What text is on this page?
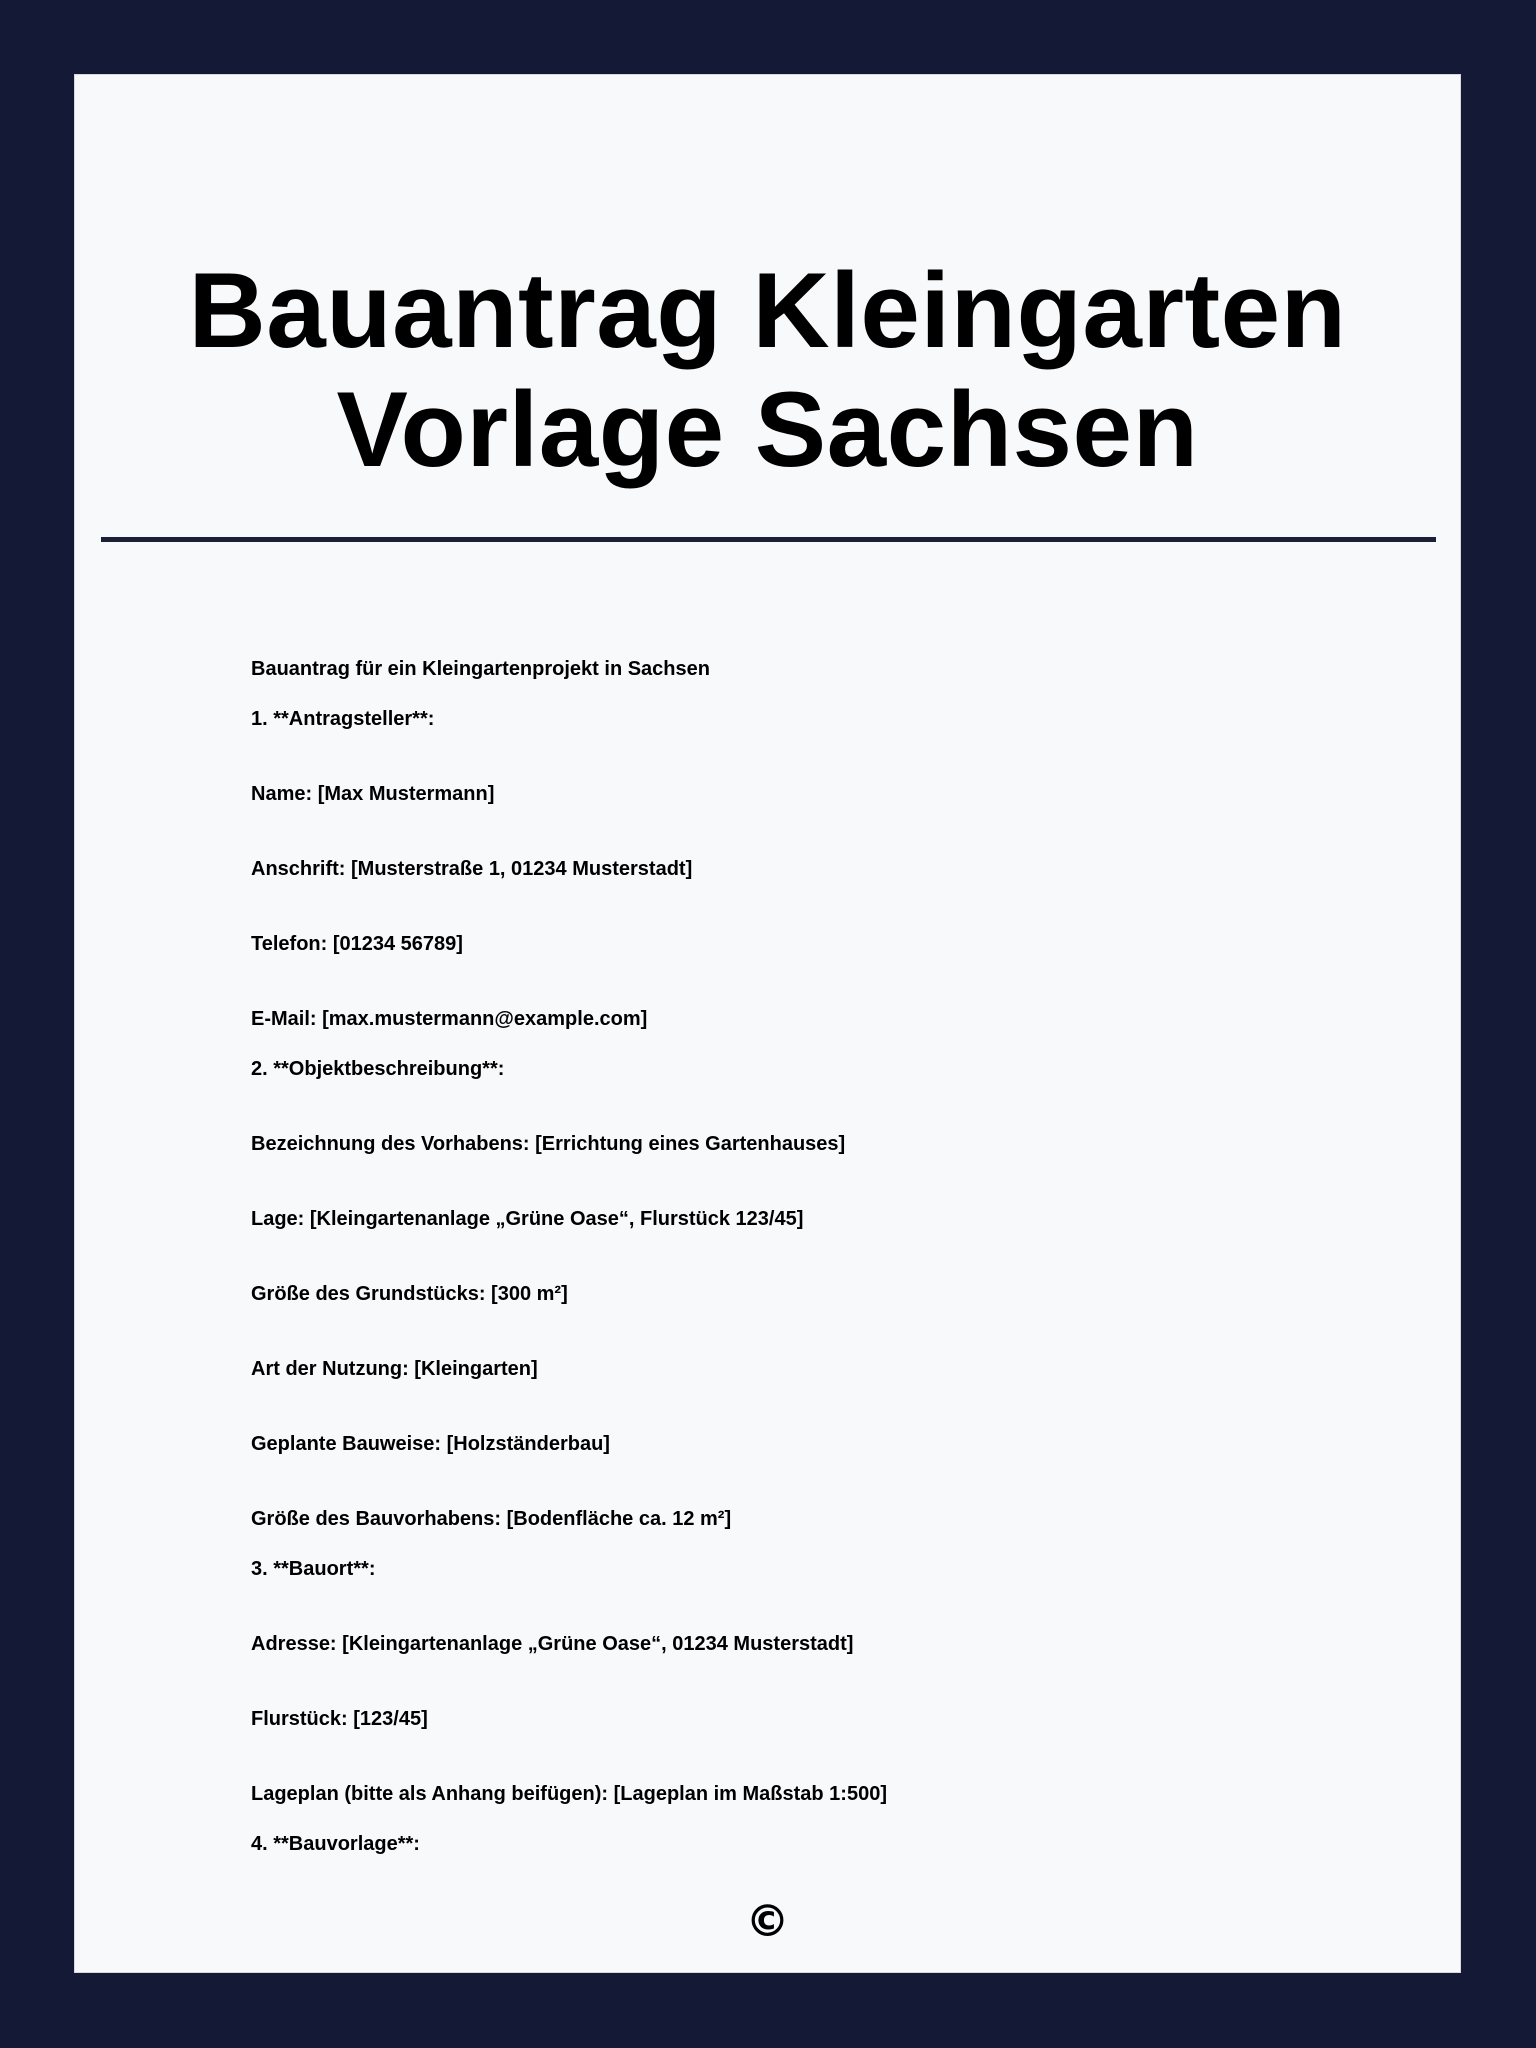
Bauantrag Kleingarten
Vorlage Sachsen
Bauantrag für ein Kleingartenprojekt in Sachsen
1. **Antragsteller**:
Name: [Max Mustermann]
Anschrift: [Musterstraße 1, 01234 Musterstadt]
Telefon: [01234 56789]
E-Mail: [max.mustermann@example.com]
2. **Objektbeschreibung**:
Bezeichnung des Vorhabens: [Errichtung eines Gartenhauses]
Lage: [Kleingartenanlage „Grüne Oase“, Flurstück 123/45]
Größe des Grundstücks: [300 m²]
Art der Nutzung: [Kleingarten]
Geplante Bauweise: [Holzständerbau]
Größe des Bauvorhabens: [Bodenfläche ca. 12 m²]
3. **Bauort**:
Adresse: [Kleingartenanlage „Grüne Oase“, 01234 Musterstadt]
Flurstück: [123/45]
Lageplan (bitte als Anhang beifügen): [Lageplan im Maßstab 1:500]
4. **Bauvorlage**:
©
